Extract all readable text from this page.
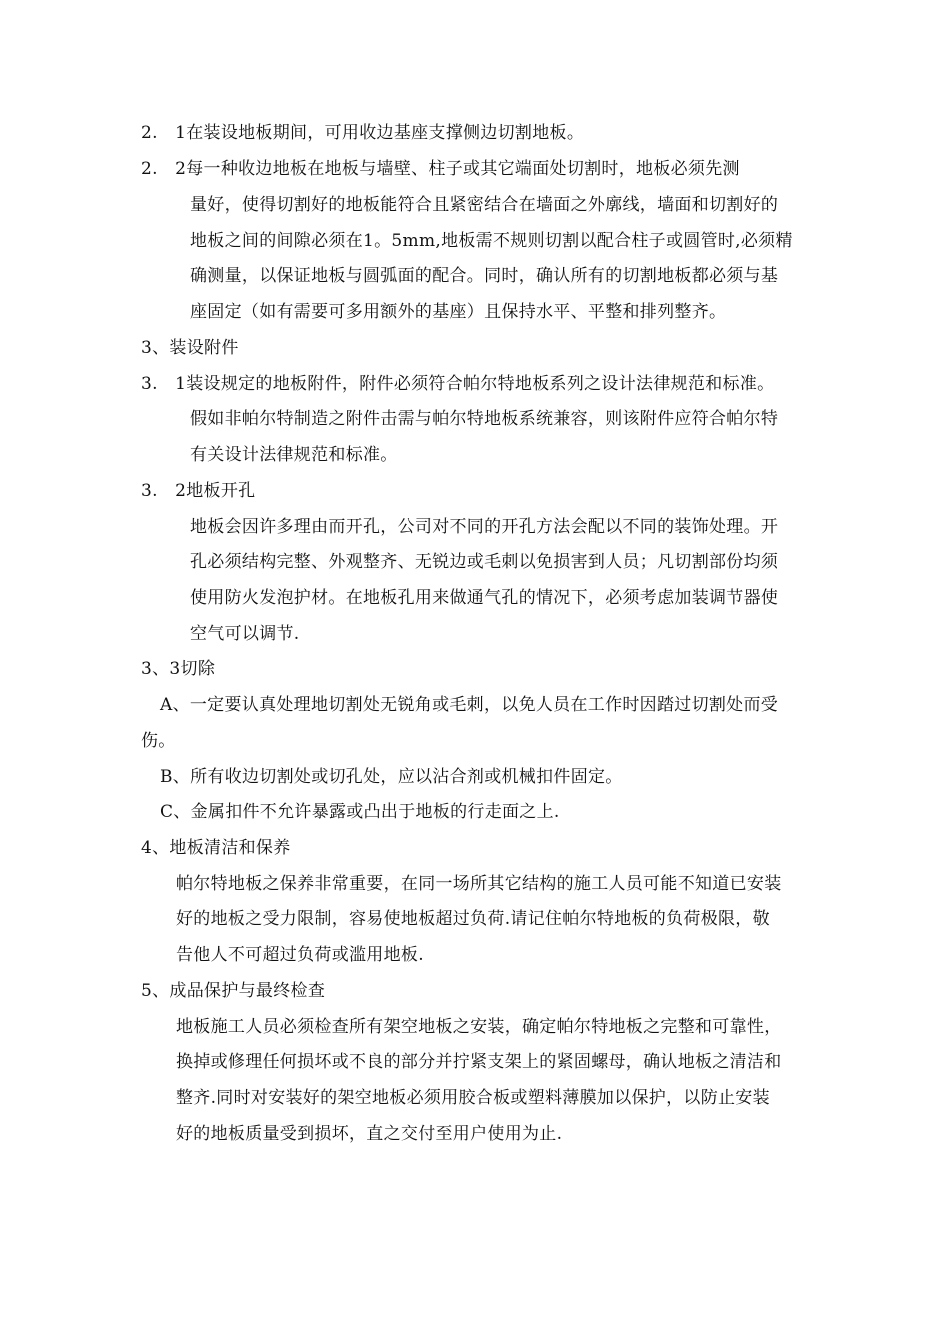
2.　1在装设地板期间，可用收边基座支撑侧边切割地板。
2.　2每一种收边地板在地板与墙壁、柱子或其它端面处切割时，地板必须先测
量好，使得切割好的地板能符合且紧密结合在墙面之外廓线，墙面和切割好的
地板之间的间隙必须在1。5mm,地板需不规则切割以配合柱子或圆管时,必须精
确测量，以保证地板与圆弧面的配合。同时，确认所有的切割地板都必须与基
座固定（如有需要可多用额外的基座）且保持水平、平整和排列整齐。
3、装设附件
3.　1装设规定的地板附件，附件必须符合帕尔特地板系列之设计法律规范和标准。
假如非帕尔特制造之附件击需与帕尔特地板系统兼容，则该附件应符合帕尔特
有关设计法律规范和标准。
3.　2地板开孔
地板会因许多理由而开孔，公司对不同的开孔方法会配以不同的装饰处理。开
孔必须结构完整、外观整齐、无锐边或毛刺以免损害到人员；凡切割部份均须
使用防火发泡护材。在地板孔用来做通气孔的情况下，必须考虑加装调节器使
空气可以调节.
3、3切除
A、一定要认真处理地切割处无锐角或毛刺，以免人员在工作时因踏过切割处而受
伤。
B、所有收边切割处或切孔处，应以沾合剂或机械扣件固定。
C、金属扣件不允许暴露或凸出于地板的行走面之上.
4、地板清洁和保养
帕尔特地板之保养非常重要，在同一场所其它结构的施工人员可能不知道已安装
好的地板之受力限制，容易使地板超过负荷.请记住帕尔特地板的负荷极限，敬
告他人不可超过负荷或滥用地板.
5、成品保护与最终检查
地板施工人员必须检查所有架空地板之安装，确定帕尔特地板之完整和可靠性，
换掉或修理任何损坏或不良的部分并拧紧支架上的紧固螺母，确认地板之清洁和
整齐.同时对安装好的架空地板必须用胶合板或塑料薄膜加以保护，以防止安装
好的地板质量受到损坏，直之交付至用户使用为止.
